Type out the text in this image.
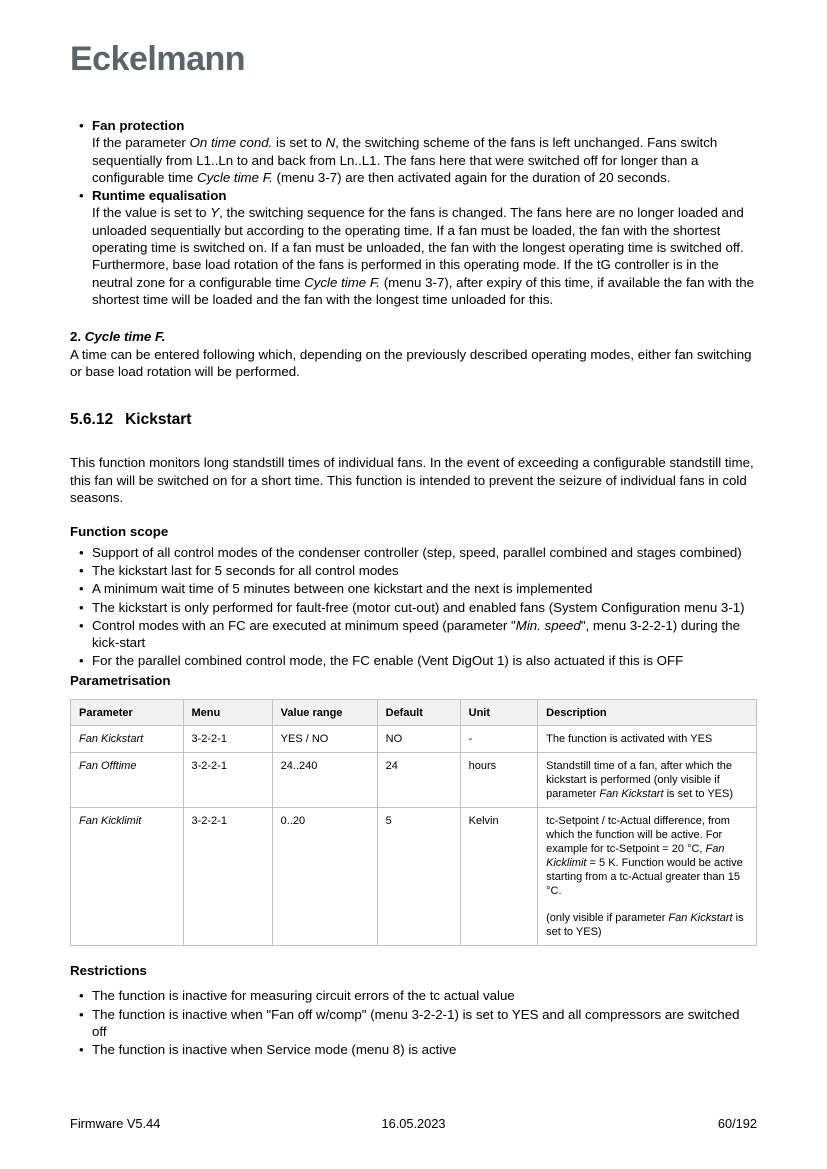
Eckelmann
• Fan protection
If the parameter On time cond. is set to N, the switching scheme of the fans is left unchanged. Fans switch sequentially from L1..Ln to and back from Ln..L1. The fans here that were switched off for longer than a configurable time Cycle time F. (menu 3-7) are then activated again for the duration of 20 seconds.
• Runtime equalisation
If the value is set to Y, the switching sequence for the fans is changed. The fans here are no longer loaded and unloaded sequentially but according to the operating time. If a fan must be loaded, the fan with the shortest operating time is switched on. If a fan must be unloaded, the fan with the longest operating time is switched off. Furthermore, base load rotation of the fans is performed in this operating mode. If the tG controller is in the neutral zone for a configurable time Cycle time F. (menu 3-7), after expiry of this time, if available the fan with the shortest time will be loaded and the fan with the longest time unloaded for this.
2. Cycle time F.
A time can be entered following which, depending on the previously described operating modes, either fan switching or base load rotation will be performed.
5.6.12 Kickstart
This function monitors long standstill times of individual fans. In the event of exceeding a configurable standstill time, this fan will be switched on for a short time. This function is intended to prevent the seizure of individual fans in cold seasons.
Function scope
• Support of all control modes of the condenser controller (step, speed, parallel combined and stages combined)
• The kickstart last for 5 seconds for all control modes
• A minimum wait time of 5 minutes between one kickstart and the next is implemented
• The kickstart is only performed for fault-free (motor cut-out) and enabled fans (System Configuration menu 3-1)
• Control modes with an FC are executed at minimum speed (parameter "Min. speed", menu 3-2-2-1) during the kick-start
• For the parallel combined control mode, the FC enable (Vent DigOut 1) is also actuated if this is OFF
Parametrisation
Parameter	Menu	Value range	Default	Unit	Description
Fan Kickstart	3-2-2-1	YES / NO	NO	-	The function is activated with YES
Fan Offtime	3-2-2-1	24..240	24	hours	Standstill time of a fan, after which the kickstart is performed (only visible if parameter Fan Kickstart is set to YES)
Fan Kicklimit	3-2-2-1	0..20	5	Kelvin	tc-Setpoint / tc-Actual difference, from which the function will be active. For example for tc-Setpoint = 20 °C, Fan Kicklimit = 5 K. Function would be active starting from a tc-Actual greater than 15 °C.

(only visible if parameter Fan Kickstart is set to YES)

Restrictions
• The function is inactive for measuring circuit errors of the tc actual value
• The function is inactive when "Fan off w/comp" (menu 3-2-2-1) is set to YES and all compressors are switched off
• The function is inactive when Service mode (menu 8) is active
Firmware V5.44	16.05.2023	60/192
